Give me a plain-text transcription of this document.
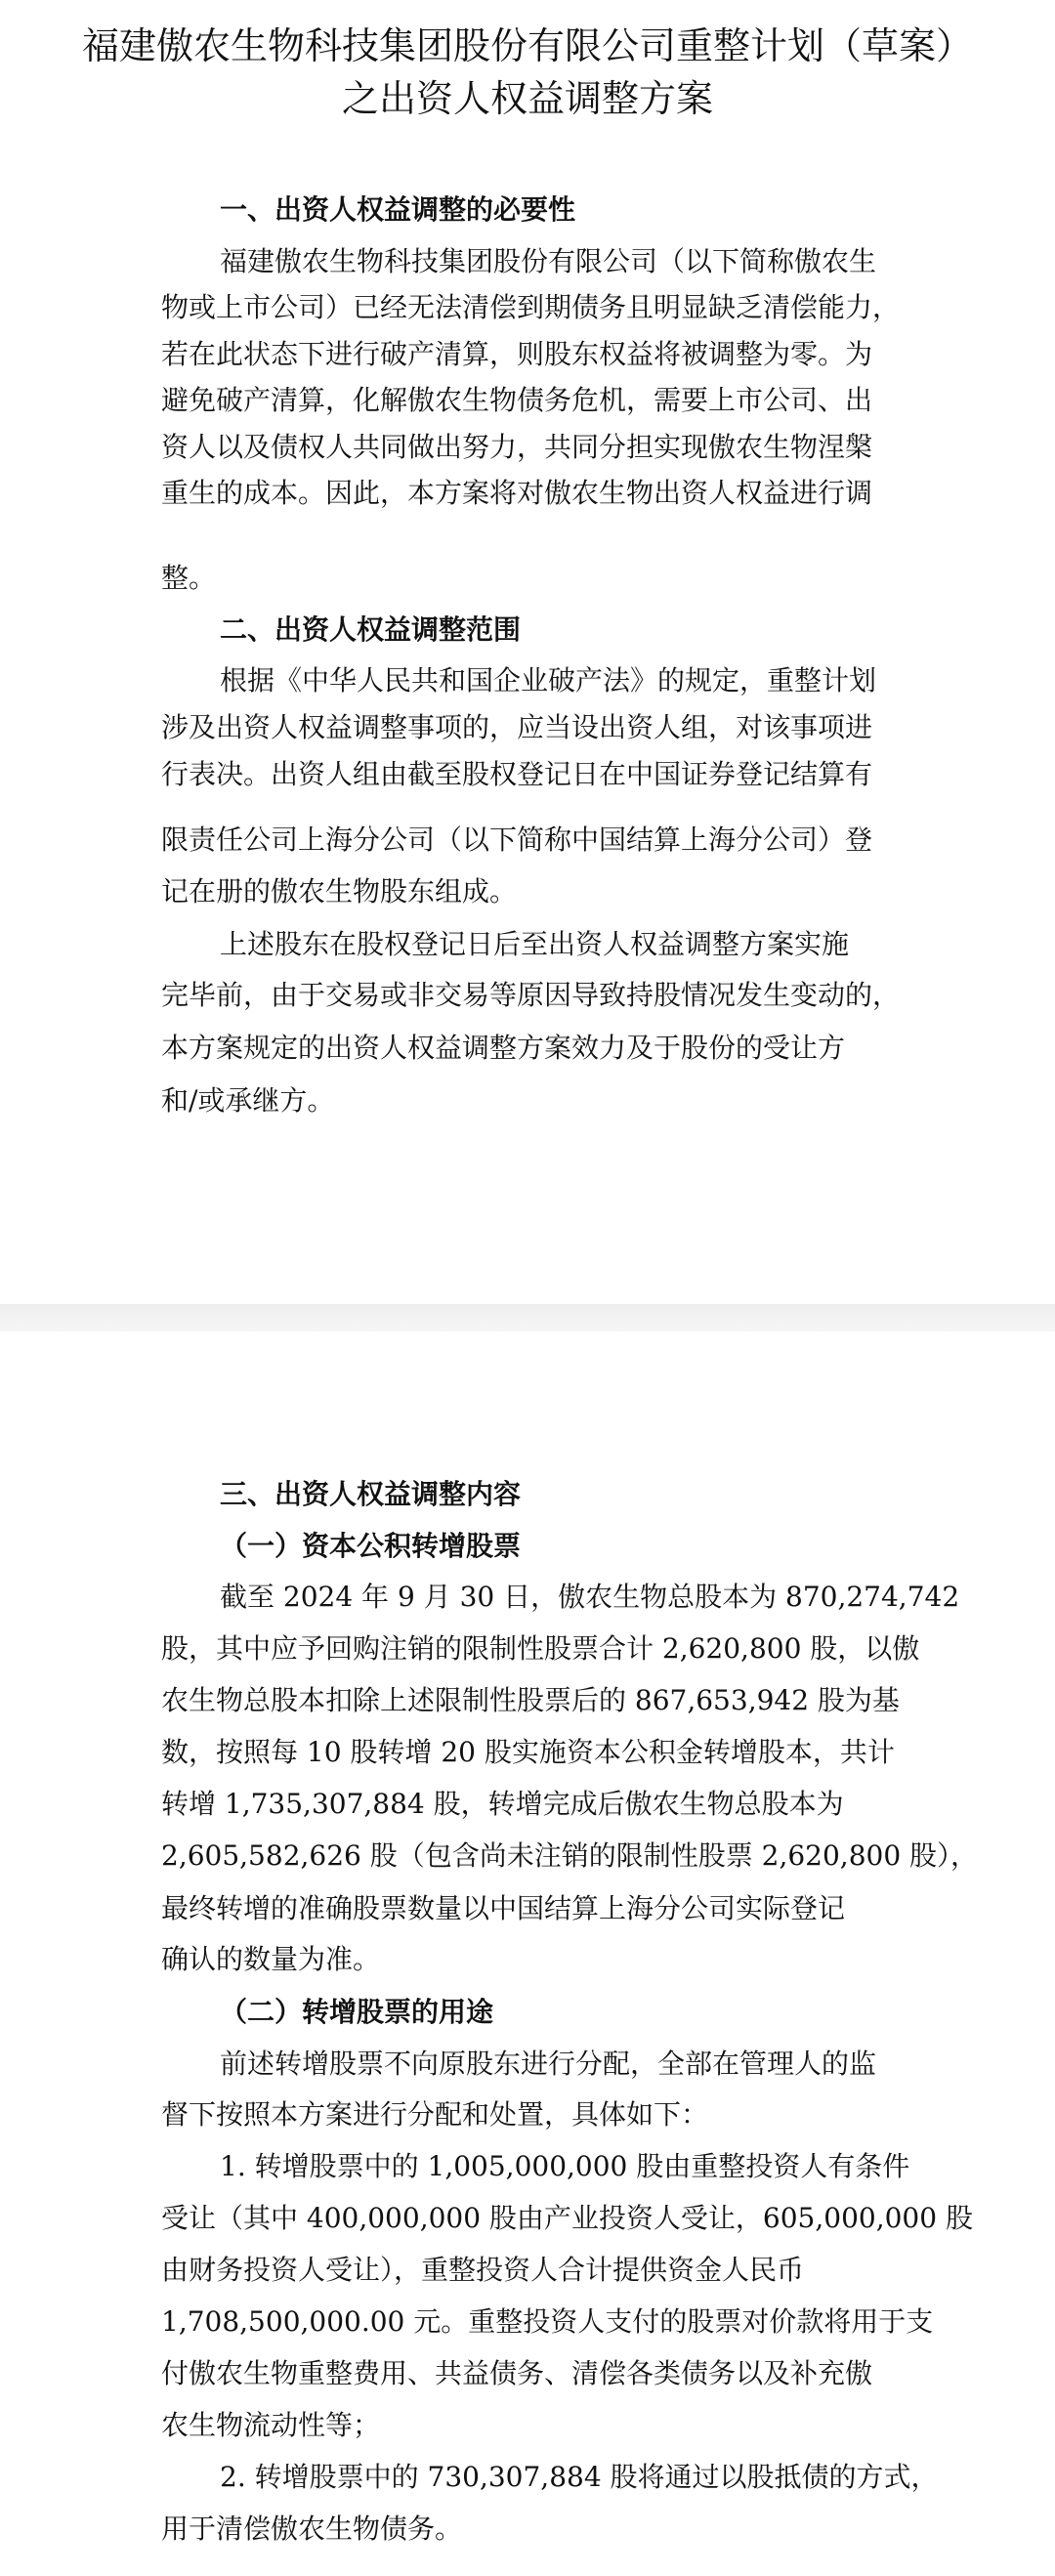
福建傲农生物科技集团股份有限公司重整计划（草案）
之出资人权益调整方案
一、出资人权益调整的必要性
福建傲农生物科技集团股份有限公司（以下简称傲农生
物或上市公司）已经无法清偿到期债务且明显缺乏清偿能力，
若在此状态下进行破产清算，则股东权益将被调整为零。为
避免破产清算，化解傲农生物债务危机，需要上市公司、出
资人以及债权人共同做出努力，共同分担实现傲农生物涅槃
重生的成本。因此，本方案将对傲农生物出资人权益进行调
整。
二、出资人权益调整范围
根据《中华人民共和国企业破产法》的规定，重整计划
涉及出资人权益调整事项的，应当设出资人组，对该事项进
行表决。出资人组由截至股权登记日在中国证券登记结算有
限责任公司上海分公司（以下简称中国结算上海分公司）登
记在册的傲农生物股东组成。
上述股东在股权登记日后至出资人权益调整方案实施
完毕前，由于交易或非交易等原因导致持股情况发生变动的，
本方案规定的出资人权益调整方案效力及于股份的受让方
和/或承继方。
三、出资人权益调整内容
（一）资本公积转增股票
截至 2024 年 9 月 30 日，傲农生物总股本为 870,274,742
股，其中应予回购注销的限制性股票合计 2,620,800 股，以傲
农生物总股本扣除上述限制性股票后的 867,653,942 股为基
数，按照每 10 股转增 20 股实施资本公积金转增股本，共计
转增 1,735,307,884 股，转增完成后傲农生物总股本为
2,605,582,626 股（包含尚未注销的限制性股票 2,620,800 股），
最终转增的准确股票数量以中国结算上海分公司实际登记
确认的数量为准。
（二）转增股票的用途
前述转增股票不向原股东进行分配，全部在管理人的监
督下按照本方案进行分配和处置，具体如下：
1. 转增股票中的 1,005,000,000 股由重整投资人有条件
受让（其中 400,000,000 股由产业投资人受让，605,000,000 股
由财务投资人受让），重整投资人合计提供资金人民币
1,708,500,000.00 元。重整投资人支付的股票对价款将用于支
付傲农生物重整费用、共益债务、清偿各类债务以及补充傲
农生物流动性等；
2. 转增股票中的 730,307,884 股将通过以股抵债的方式，
用于清偿傲农生物债务。
